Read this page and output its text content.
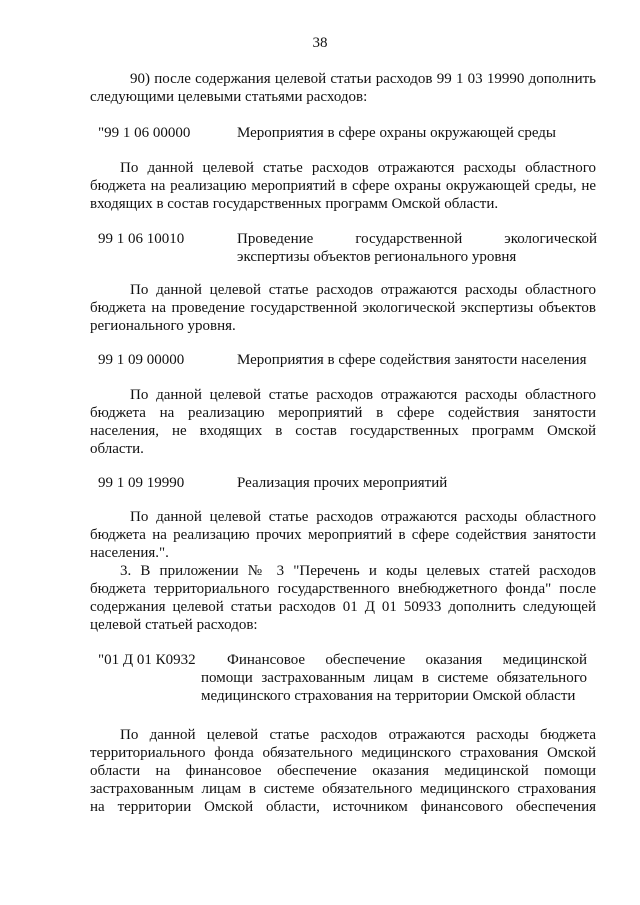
38
90) после содержания целевой статьи расходов 99 1 03 19990 дополнить
следующими целевыми статьями расходов:
"99 1 06 00000	Мероприятия в сфере охраны окружающей среды
По данной целевой статье расходов отражаются расходы областного
бюджета на реализацию мероприятий в сфере охраны окружающей среды, не
входящих в состав государственных программ Омской области.
99 1 06 10010	Проведение государственной экологической
экспертизы объектов регионального уровня
По данной целевой статье расходов отражаются расходы областного
бюджета на проведение государственной экологической экспертизы объектов
регионального уровня.
99 1 09 00000	Мероприятия в сфере содействия занятости населения
По данной целевой статье расходов отражаются расходы областного
бюджета на реализацию мероприятий в сфере содействия занятости
населения, не входящих в состав государственных программ Омской
области.
99 1 09 19990	Реализация прочих мероприятий
По данной целевой статье расходов отражаются расходы областного
бюджета на реализацию прочих мероприятий в сфере содействия занятости
населения.".
3. В приложении № 3 "Перечень и коды целевых статей расходов
бюджета территориального государственного внебюджетного фонда" после
содержания целевой статьи расходов 01 Д 01 50933 дополнить следующей
целевой статьей расходов:
"01 Д 01 К0932 Финансовое обеспечение оказания медицинской
помощи застрахованным лицам в системе обязательного
медицинского страхования на территории Омской области
По данной целевой статье расходов отражаются расходы бюджета
территориального фонда обязательного медицинского страхования Омской
области на финансовое обеспечение оказания медицинской помощи
застрахованным лицам в системе обязательного медицинского страхования
на территории Омской области, источником финансового обеспечения
